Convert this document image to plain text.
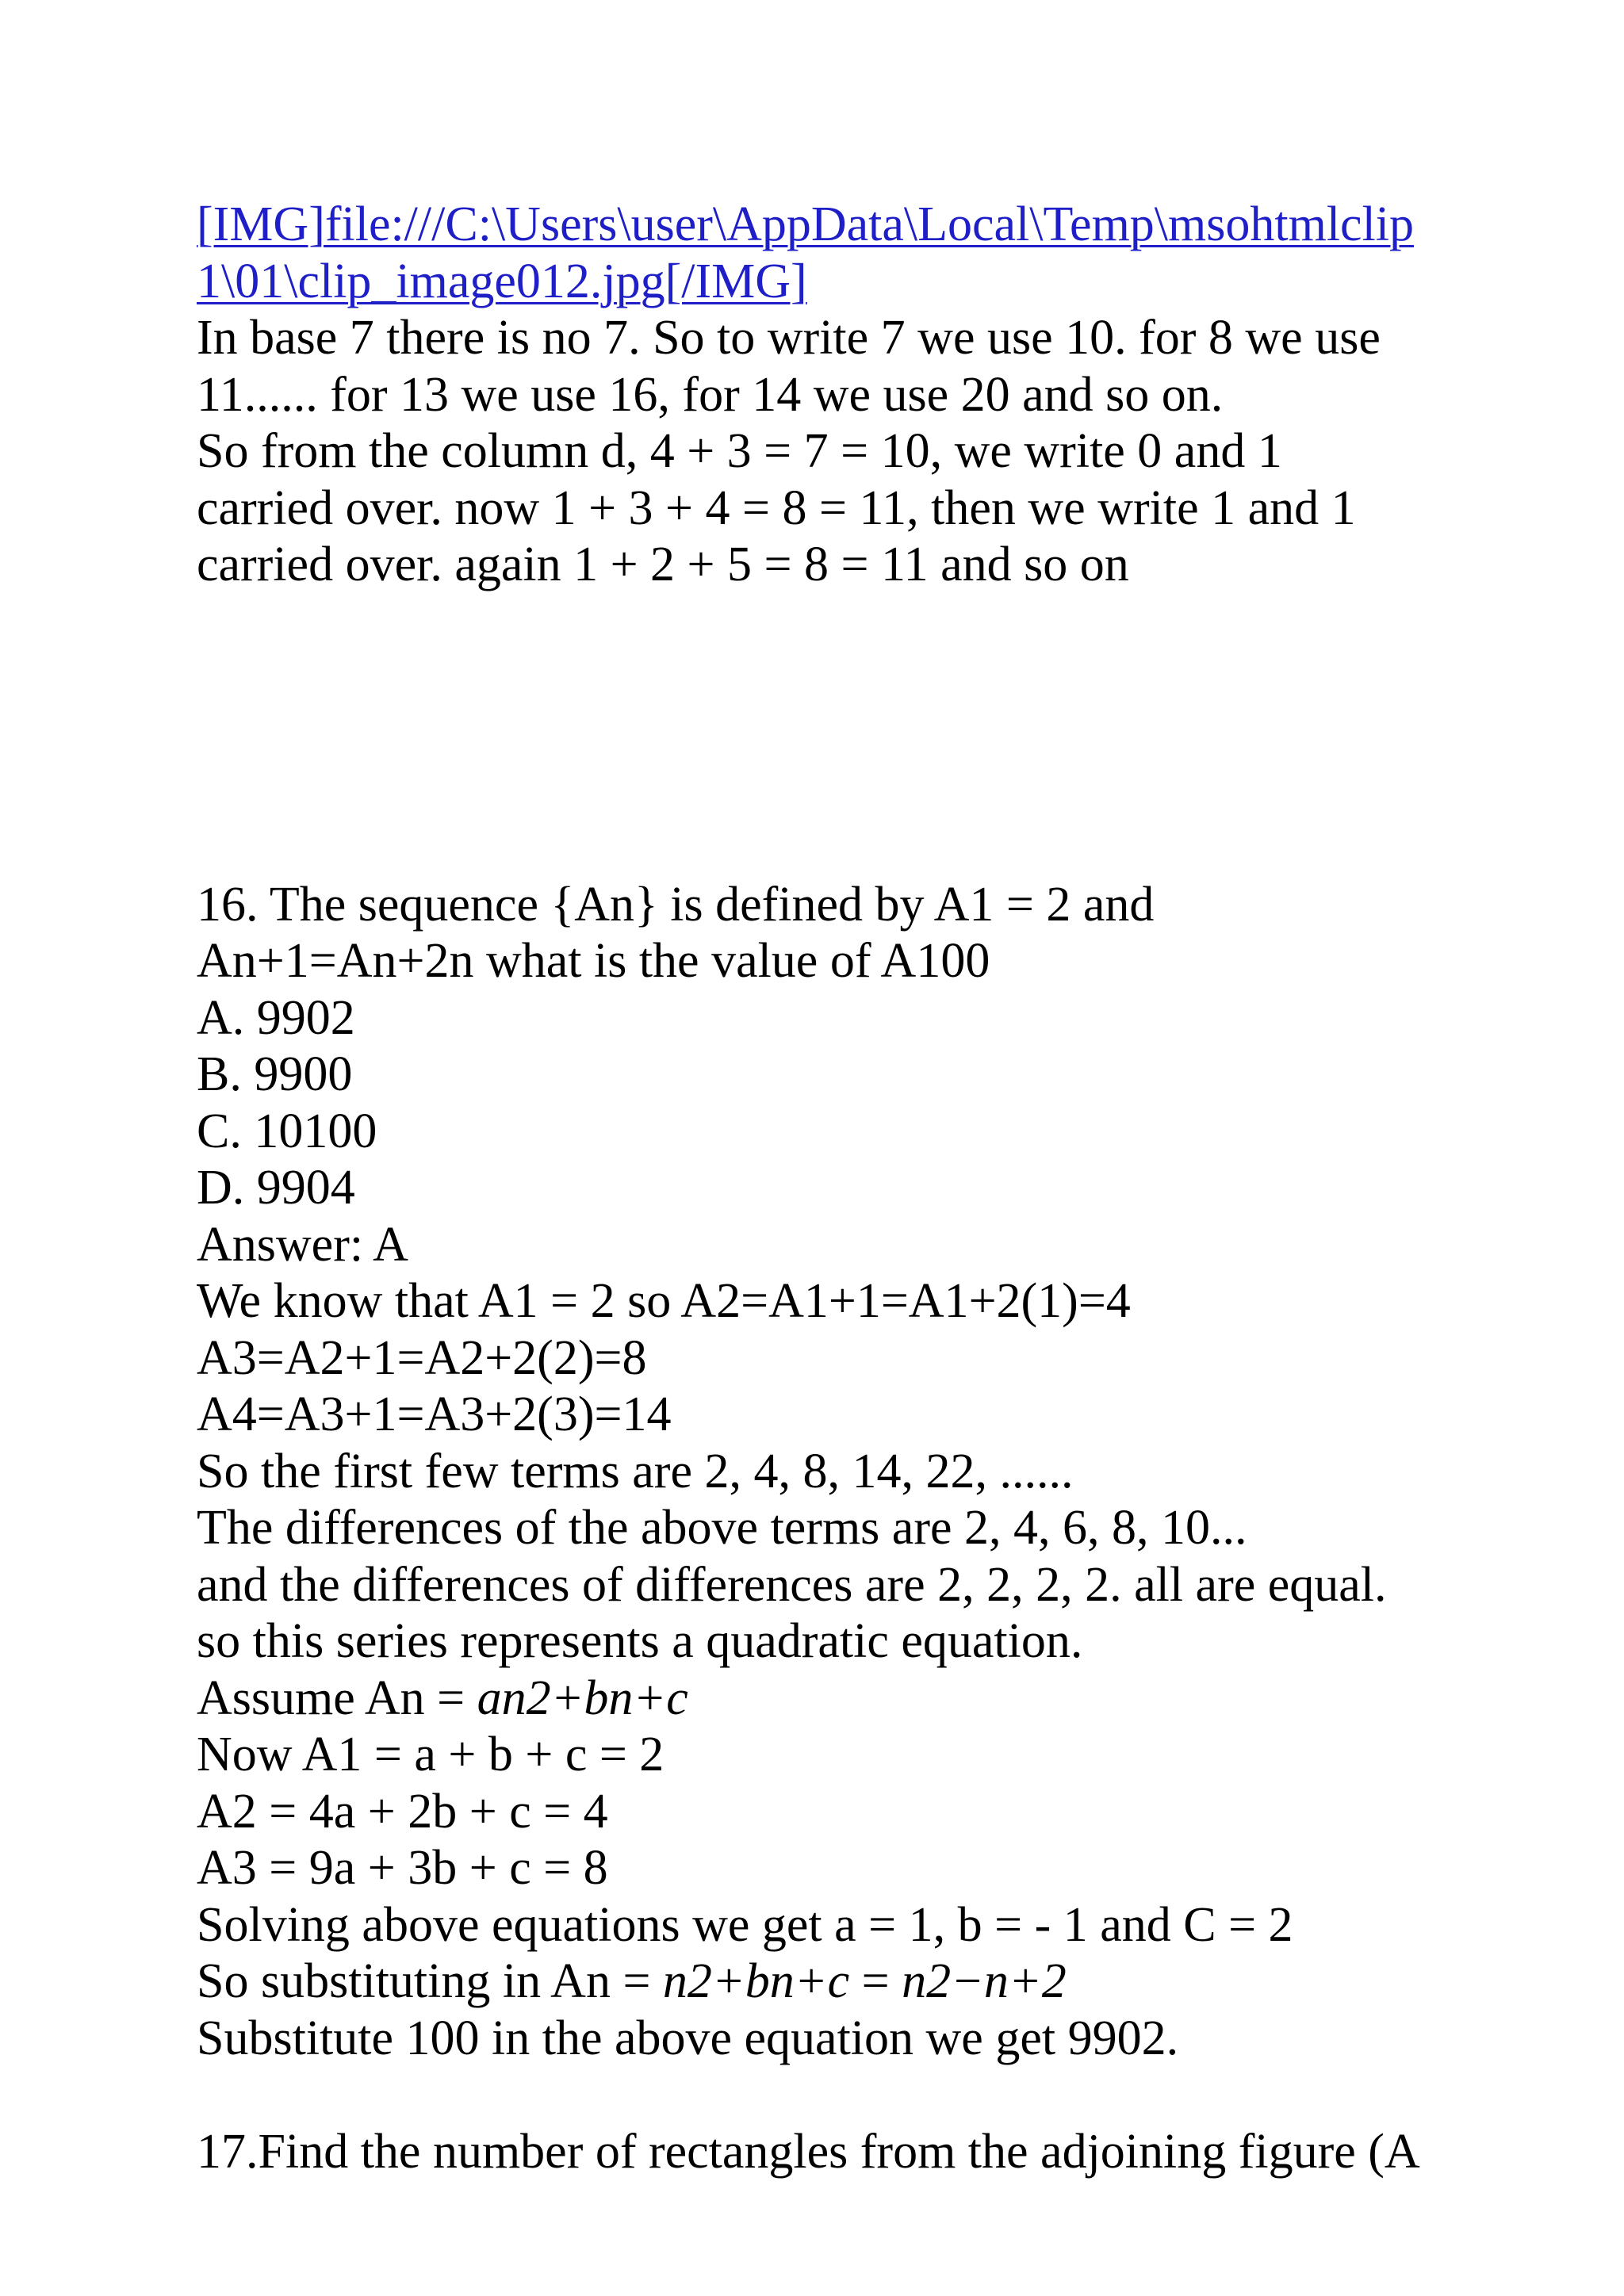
[IMG]file:///C:\Users\user\AppData\Local\Temp\msohtmlclip
1\01\clip_image012.jpg[/IMG]
In base 7 there is no 7. So to write 7 we use 10. for 8 we use
11...... for 13 we use 16, for 14 we use 20 and so on.
So from the column d, 4 + 3 = 7 = 10, we write 0 and 1
carried over. now 1 + 3 + 4 = 8 = 11, then we write 1 and 1
carried over. again 1 + 2 + 5 = 8 = 11 and so on
16. The sequence {An} is defined by A1 = 2 and
An+1=An+2n what is the value of A100
A. 9902
B. 9900
C. 10100
D. 9904
Answer: A
We know that A1 = 2 so A2=A1+1=A1+2(1)=4
A3=A2+1=A2+2(2)=8
A4=A3+1=A3+2(3)=14
So the first few terms are 2, 4, 8, 14, 22, ......
The differences of the above terms are 2, 4, 6, 8, 10...
and the differences of differences are 2, 2, 2, 2. all are equal.
so this series represents a quadratic equation.
Assume An = an2+bn+c
Now A1 = a + b + c = 2
A2 = 4a + 2b + c = 4
A3 = 9a + 3b + c = 8
Solving above equations we get a = 1, b = - 1 and C = 2
So substituting in An = n2+bn+c = n2−n+2
Substitute 100 in the above equation we get 9902.
17.Find the number of rectangles from the adjoining figure (A
